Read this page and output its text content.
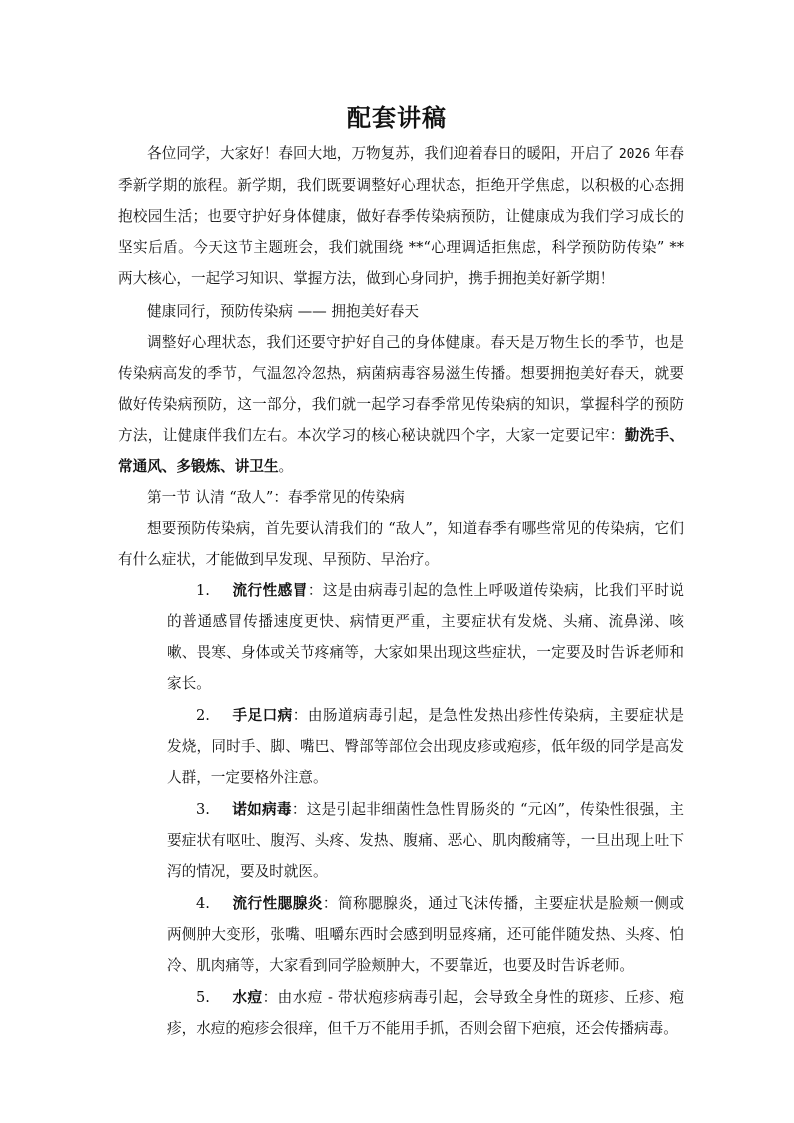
配套讲稿

各位同学，大家好！春回大地，万物复苏，我们迎着春日的暖阳，开启了 2026 年春季新学期的旅程。新学期，我们既要调整好心理状态，拒绝开学焦虑，以积极的心态拥抱校园生活；也要守护好身体健康，做好春季传染病预防，让健康成为我们学习成长的坚实后盾。今天这节主题班会，我们就围绕 **“心理调适拒焦虑，科学预防防传染” ** 两大核心，一起学习知识、掌握方法，做到心身同护，携手拥抱美好新学期！

健康同行，预防传染病 —— 拥抱美好春天

调整好心理状态，我们还要守护好自己的身体健康。春天是万物生长的季节，也是传染病高发的季节，气温忽冷忽热，病菌病毒容易滋生传播。想要拥抱美好春天，就要做好传染病预防，这一部分，我们就一起学习春季常见传染病的知识，掌握科学的预防方法，让健康伴我们左右。本次学习的核心秘诀就四个字，大家一定要记牢：勤洗手、常通风、多锻炼、讲卫生。

第一节 认清 “敌人”：春季常见的传染病

想要预防传染病，首先要认清我们的 “敌人”，知道春季有哪些常见的传染病，它们有什么症状，才能做到早发现、早预防、早治疗。

1. 流行性感冒：这是由病毒引起的急性上呼吸道传染病，比我们平时说的普通感冒传播速度更快、病情更严重，主要症状有发烧、头痛、流鼻涕、咳嗽、畏寒、身体或关节疼痛等，大家如果出现这些症状，一定要及时告诉老师和家长。
2. 手足口病：由肠道病毒引起，是急性发热出疹性传染病，主要症状是发烧，同时手、脚、嘴巴、臀部等部位会出现皮疹或疱疹，低年级的同学是高发人群，一定要格外注意。
3. 诺如病毒：这是引起非细菌性急性胃肠炎的 “元凶”，传染性很强，主要症状有呕吐、腹泻、头疼、发热、腹痛、恶心、肌肉酸痛等，一旦出现上吐下泻的情况，要及时就医。
4. 流行性腮腺炎：简称腮腺炎，通过飞沫传播，主要症状是脸颊一侧或两侧肿大变形，张嘴、咀嚼东西时会感到明显疼痛，还可能伴随发热、头疼、怕冷、肌肉痛等，大家看到同学脸颊肿大，不要靠近，也要及时告诉老师。
5. 水痘：由水痘 - 带状疱疹病毒引起，会导致全身性的斑疹、丘疹、疱疹，水痘的疱疹会很痒，但千万不能用手抓，否则会留下疤痕，还会传播病毒。
